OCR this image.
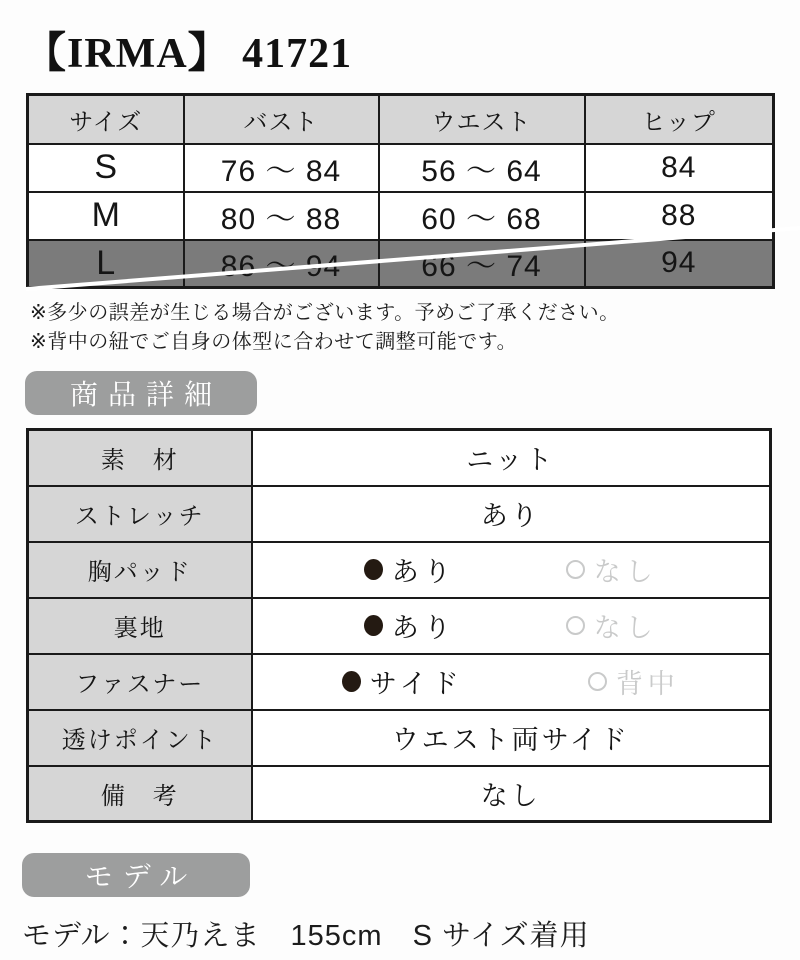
【IRMA】 41721
サイズ	バスト	ウエスト	ヒップ
S	76 ～ 84	56 ～ 64	84
M	80 ～ 88	60 ～ 68	88
L	86 ～ 94	66 ～ 74	94
※多少の誤差が生じる場合がございます。予めご了承ください。
※背中の紐でご自身の体型に合わせて調整可能です。
商品詳細
素　材	ニット
ストレッチ	あり
胸パッド	あり なし

裏地	あり なし

ファスナー	サイド 背中

透けポイント	ウエスト両サイド
備　考	なし
モデル
モデル：天乃えま　155cm　S サイズ着用
